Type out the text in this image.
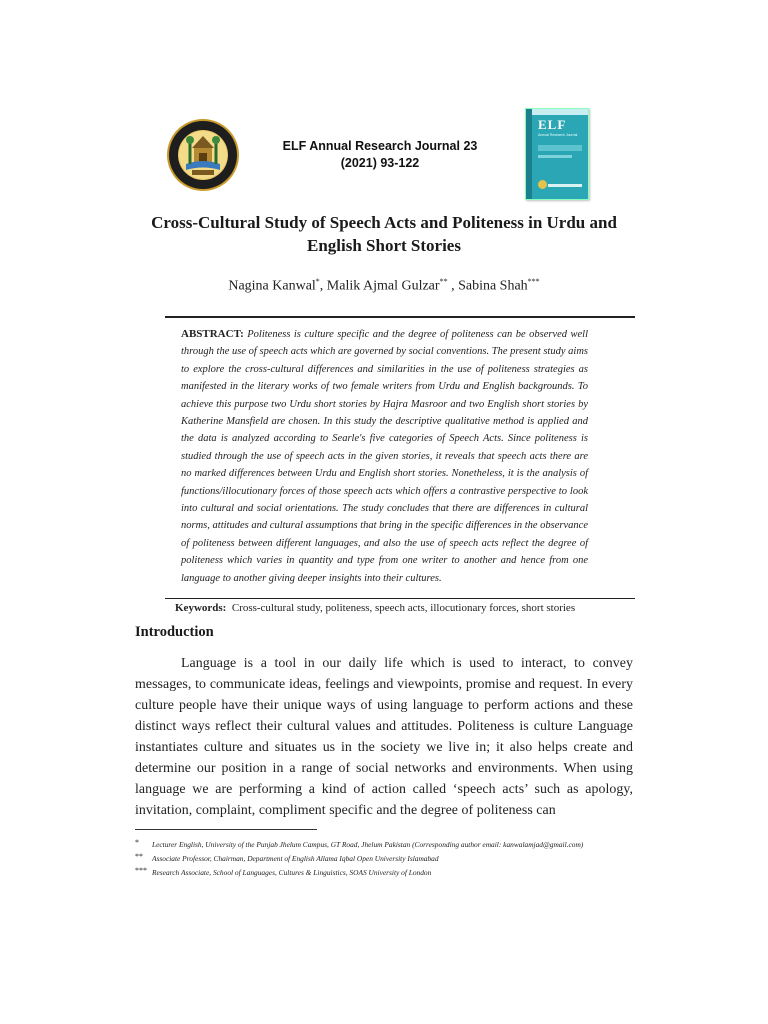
ELF Annual Research Journal 23
(2021) 93-122
ELF
Annual Research Journal
Cross-Cultural Study of Speech Acts and Politeness in Urdu and
English Short Stories
Nagina Kanwal*, Malik Ajmal Gulzar** , Sabina Shah***
ABSTRACT: Politeness is culture specific and the degree of politeness can be observed well through the use of speech acts which are governed by social conventions. The present study aims to explore the cross-cultural differences and similarities in the use of politeness strategies as manifested in the literary works of two female writers from Urdu and English backgrounds. To achieve this purpose two Urdu short stories by Hajra Masroor and two English short stories by Katherine Mansfield are chosen. In this study the descriptive qualitative method is applied and the data is analyzed according to Searle's five categories of Speech Acts. Since politeness is studied through the use of speech acts in the given stories, it reveals that speech acts there are no marked differences between Urdu and English short stories. Nonetheless, it is the analysis of functions/illocutionary forces of those speech acts which offers a contrastive perspective to look into cultural and social orientations. The study concludes that there are differences in cultural norms, attitudes and cultural assumptions that bring in the specific differences in the observance of politeness between different languages, and also the use of speech acts reflect the degree of politeness which varies in quantity and type from one writer to another and hence from one language to another giving deeper insights into their cultures.
Keywords: Cross-cultural study, politeness, speech acts, illocutionary forces, short stories
Introduction
Language is a tool in our daily life which is used to interact, to convey messages, to communicate ideas, feelings and viewpoints, promise and request. In every culture people have their unique ways of using language to perform actions and these distinct ways reflect their cultural values and attitudes. Politeness is culture Language instantiates culture and situates us in the society we live in; it also helps create and determine our position in a range of social networks and environments. When using language we are performing a kind of action called ‘speech acts’ such as apology, invitation, complaint, compliment specific and the degree of politeness can
* Lecturer English, University of the Punjab Jhelum Campus, GT Road, Jhelum Pakistan (Corresponding author email: kanwalamjad@gmail.com)
** Associate Professor, Chairman, Department of English Allama Iqbal Open University Islamabad
*** Research Associate, School of Languages, Cultures & Linguistics, SOAS University of London
